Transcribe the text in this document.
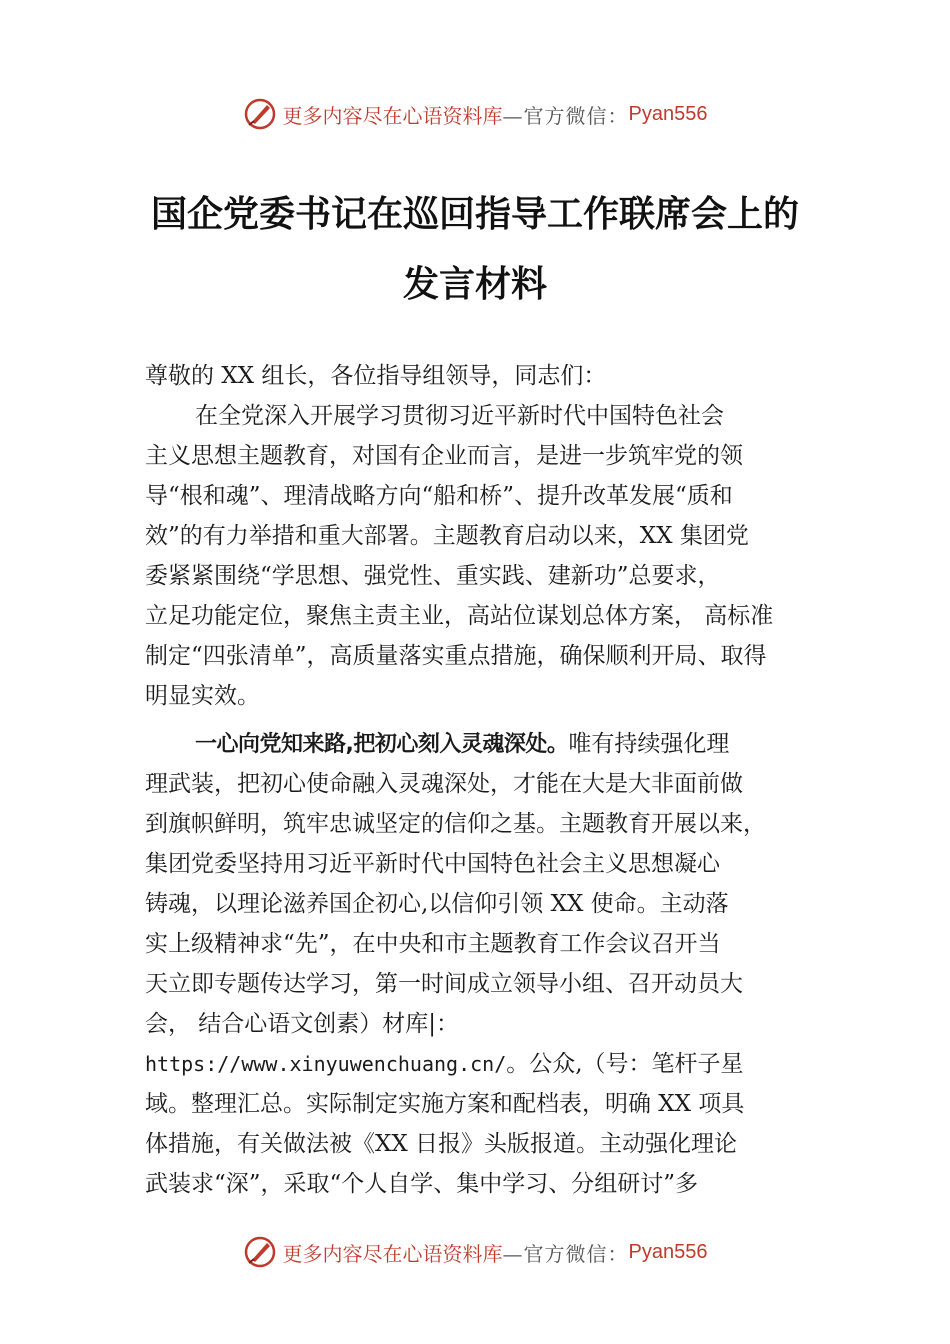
更多内容尽在心语资料库 —官方微信： Pyan556
国企党委书记在巡回指导工作联席会上的
发言材料
尊敬的 XX 组长，各位指导组领导，同志们：
在全党深入开展学习贯彻习近平新时代中国特色社会
主义思想主题教育，对国有企业而言，是进一步筑牢党的领
导“根和魂”、理清战略方向“船和桥”、提升改革发展“质和
效”的有力举措和重大部署。主题教育启动以来，XX 集团党
委紧紧围绕“学思想、强党性、重实践、建新功”总要求，
立足功能定位，聚焦主责主业，高站位谋划总体方案， 高标准
制定“四张清单”，高质量落实重点措施，确保顺利开局、取得
明显实效。
一心向党知来路,把初心刻入灵魂深处。唯有持续强化理
理武装，把初心使命融入灵魂深处，才能在大是大非面前做
到旗帜鲜明，筑牢忠诚坚定的信仰之基。主题教育开展以来，
集团党委坚持用习近平新时代中国特色社会主义思想凝心
铸魂，以理论滋养国企初心,以信仰引领 XX 使命。主动落
实上级精神求“先”，在中央和市主题教育工作会议召开当
天立即专题传达学习，第一时间成立领导小组、召开动员大
会， 结合心语文创素）材库|：
https://www.xinyuwenchuang.cn/。公众,（号：笔杆子星
域。整理汇总。实际制定实施方案和配档表，明确 XX 项具
体措施，有关做法被《XX 日报》头版报道。主动强化理论
武装求“深”，采取“个人自学、集中学习、分组研讨”多
更多内容尽在心语资料库 —官方微信： Pyan556
